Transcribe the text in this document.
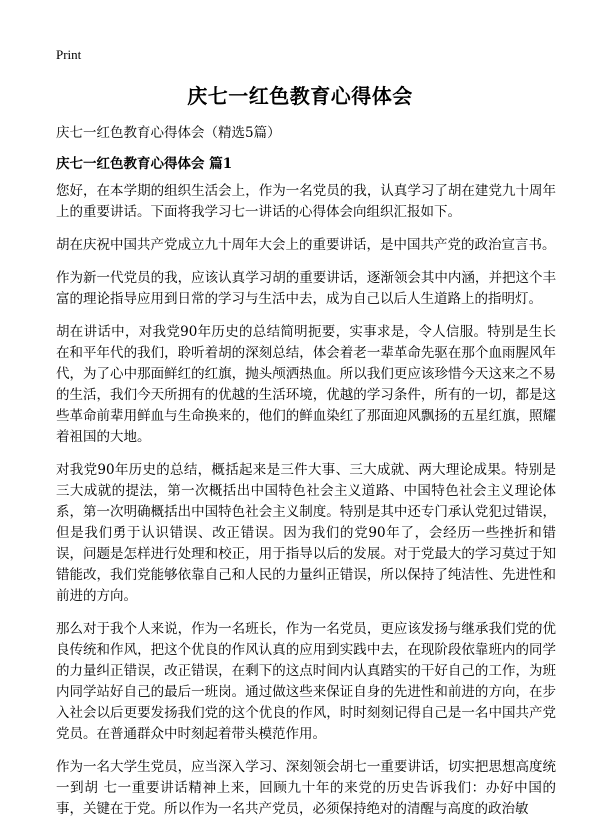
Print
庆七一红色教育心得体会
庆七一红色教育心得体会（精选5篇）
庆七一红色教育心得体会 篇1

您好，在本学期的组织生活会上，作为一名党员的我，认真学习了胡在建党九十周年上的重要讲话。下面将我学习七一讲话的心得体会向组织汇报如下。

胡在庆祝中国共产党成立九十周年大会上的重要讲话，是中国共产党的政治宣言书。

作为新一代党员的我，应该认真学习胡的重要讲话，逐渐领会其中内涵，并把这个丰富的理论指导应用到日常的学习与生活中去，成为自己以后人生道路上的指明灯。

胡在讲话中，对我党90年历史的总结简明扼要，实事求是，令人信服。特别是生长在和平年代的我们，聆听着胡的深刻总结，体会着老一辈革命先驱在那个血雨腥风年代，为了心中那面鲜红的红旗，抛头颅洒热血。所以我们更应该珍惜今天这来之不易的生活，我们今天所拥有的优越的生活环境，优越的学习条件，所有的一切，都是这些革命前辈用鲜血与生命换来的，他们的鲜血染红了那面迎风飘扬的五星红旗，照耀着祖国的大地。

对我党90年历史的总结，概括起来是三件大事、三大成就、两大理论成果。特别是三大成就的提法，第一次概括出中国特色社会主义道路、中国特色社会主义理论体系，第一次明确概括出中国特色社会主义制度。特别是其中还专门承认党犯过错误，但是我们勇于认识错误、改正错误。因为我们的党90年了，会经历一些挫折和错误，问题是怎样进行处理和校正，用于指导以后的发展。对于党最大的学习莫过于知错能改，我们党能够依靠自己和人民的力量纠正错误，所以保持了纯洁性、先进性和前进的方向。

那么对于我个人来说，作为一名班长，作为一名党员，更应该发扬与继承我们党的优良传统和作风，把这个优良的作风认真的应用到实践中去，在现阶段依靠班内的同学的力量纠正错误，改正错误，在剩下的这点时间内认真踏实的干好自己的工作，为班内同学站好自己的最后一班岗。通过做这些来保证自身的先进性和前进的方向，在步入社会以后更要发扬我们党的这个优良的作风，时时刻刻记得自己是一名中国共产党党员。在普通群众中时刻起着带头模范作用。

作为一名大学生党员，应当深入学习、深刻领会胡七一重要讲话，切实把思想高度统一到胡 七一重要讲话精神上来，回顾九十年的来党的历史告诉我们：办好中国的事，关键在于党。所以作为一名共产党员，必须保持绝对的清醒与高度的政治敏
